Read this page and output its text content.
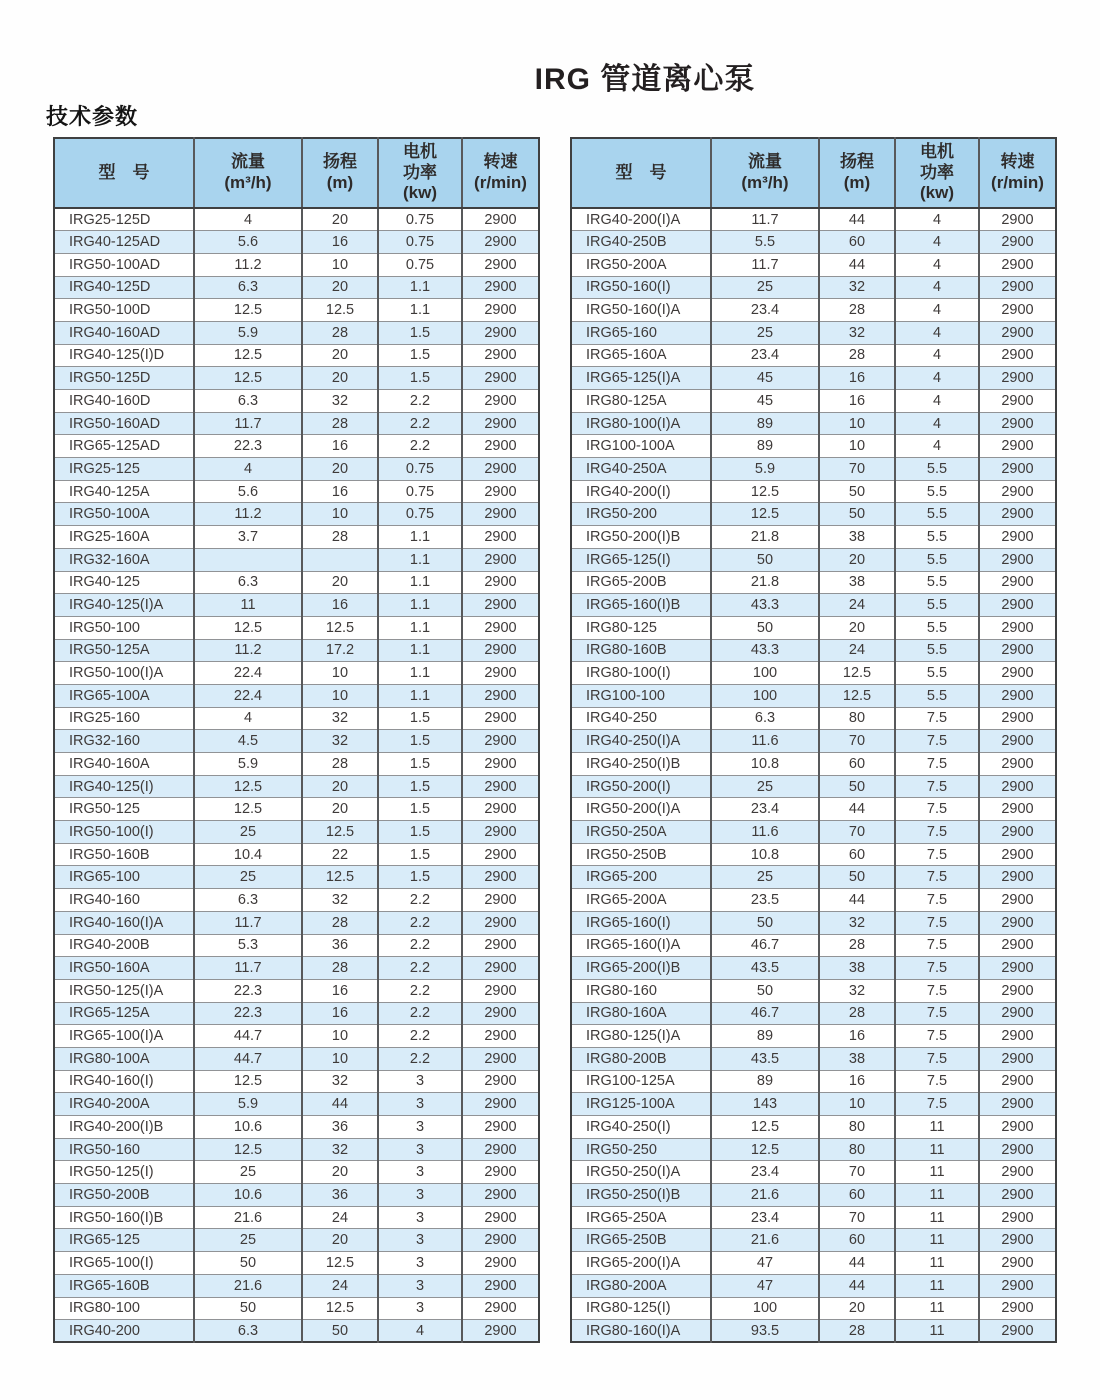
IRG 管道离心泵
技术参数
型　号

流量
(m³/h)

扬程
(m)

电机
功率
(kw)

转速
(r/min)

IRG25-125D	4	20	0.75	2900
IRG40-125AD	5.6	16	0.75	2900
IRG50-100AD	11.2	10	0.75	2900
IRG40-125D	6.3	20	1.1	2900
IRG50-100D	12.5	12.5	1.1	2900
IRG40-160AD	5.9	28	1.5	2900
IRG40-125(I)D	12.5	20	1.5	2900
IRG50-125D	12.5	20	1.5	2900
IRG40-160D	6.3	32	2.2	2900
IRG50-160AD	11.7	28	2.2	2900
IRG65-125AD	22.3	16	2.2	2900
IRG25-125	4	20	0.75	2900
IRG40-125A	5.6	16	0.75	2900
IRG50-100A	11.2	10	0.75	2900
IRG25-160A	3.7	28	1.1	2900
IRG32-160A			1.1	2900
IRG40-125	6.3	20	1.1	2900
IRG40-125(I)A	11	16	1.1	2900
IRG50-100	12.5	12.5	1.1	2900
IRG50-125A	11.2	17.2	1.1	2900
IRG50-100(I)A	22.4	10	1.1	2900
IRG65-100A	22.4	10	1.1	2900
IRG25-160	4	32	1.5	2900
IRG32-160	4.5	32	1.5	2900
IRG40-160A	5.9	28	1.5	2900
IRG40-125(I)	12.5	20	1.5	2900
IRG50-125	12.5	20	1.5	2900
IRG50-100(I)	25	12.5	1.5	2900
IRG50-160B	10.4	22	1.5	2900
IRG65-100	25	12.5	1.5	2900
IRG40-160	6.3	32	2.2	2900
IRG40-160(I)A	11.7	28	2.2	2900
IRG40-200B	5.3	36	2.2	2900
IRG50-160A	11.7	28	2.2	2900
IRG50-125(I)A	22.3	16	2.2	2900
IRG65-125A	22.3	16	2.2	2900
IRG65-100(I)A	44.7	10	2.2	2900
IRG80-100A	44.7	10	2.2	2900
IRG40-160(I)	12.5	32	3	2900
IRG40-200A	5.9	44	3	2900
IRG40-200(I)B	10.6	36	3	2900
IRG50-160	12.5	32	3	2900
IRG50-125(I)	25	20	3	2900
IRG50-200B	10.6	36	3	2900
IRG50-160(I)B	21.6	24	3	2900
IRG65-125	25	20	3	2900
IRG65-100(I)	50	12.5	3	2900
IRG65-160B	21.6	24	3	2900
IRG80-100	50	12.5	3	2900
IRG40-200	6.3	50	4	2900
型　号

流量
(m³/h)

扬程
(m)

电机
功率
(kw)

转速
(r/min)

IRG40-200(I)A	11.7	44	4	2900
IRG40-250B	5.5	60	4	2900
IRG50-200A	11.7	44	4	2900
IRG50-160(I)	25	32	4	2900
IRG50-160(I)A	23.4	28	4	2900
IRG65-160	25	32	4	2900
IRG65-160A	23.4	28	4	2900
IRG65-125(I)A	45	16	4	2900
IRG80-125A	45	16	4	2900
IRG80-100(I)A	89	10	4	2900
IRG100-100A	89	10	4	2900
IRG40-250A	5.9	70	5.5	2900
IRG40-200(I)	12.5	50	5.5	2900
IRG50-200	12.5	50	5.5	2900
IRG50-200(I)B	21.8	38	5.5	2900
IRG65-125(I)	50	20	5.5	2900
IRG65-200B	21.8	38	5.5	2900
IRG65-160(I)B	43.3	24	5.5	2900
IRG80-125	50	20	5.5	2900
IRG80-160B	43.3	24	5.5	2900
IRG80-100(I)	100	12.5	5.5	2900
IRG100-100	100	12.5	5.5	2900
IRG40-250	6.3	80	7.5	2900
IRG40-250(I)A	11.6	70	7.5	2900
IRG40-250(I)B	10.8	60	7.5	2900
IRG50-200(I)	25	50	7.5	2900
IRG50-200(I)A	23.4	44	7.5	2900
IRG50-250A	11.6	70	7.5	2900
IRG50-250B	10.8	60	7.5	2900
IRG65-200	25	50	7.5	2900
IRG65-200A	23.5	44	7.5	2900
IRG65-160(I)	50	32	7.5	2900
IRG65-160(I)A	46.7	28	7.5	2900
IRG65-200(I)B	43.5	38	7.5	2900
IRG80-160	50	32	7.5	2900
IRG80-160A	46.7	28	7.5	2900
IRG80-125(I)A	89	16	7.5	2900
IRG80-200B	43.5	38	7.5	2900
IRG100-125A	89	16	7.5	2900
IRG125-100A	143	10	7.5	2900
IRG40-250(I)	12.5	80	11	2900
IRG50-250	12.5	80	11	2900
IRG50-250(I)A	23.4	70	11	2900
IRG50-250(I)B	21.6	60	11	2900
IRG65-250A	23.4	70	11	2900
IRG65-250B	21.6	60	11	2900
IRG65-200(I)A	47	44	11	2900
IRG80-200A	47	44	11	2900
IRG80-125(I)	100	20	11	2900
IRG80-160(I)A	93.5	28	11	2900
